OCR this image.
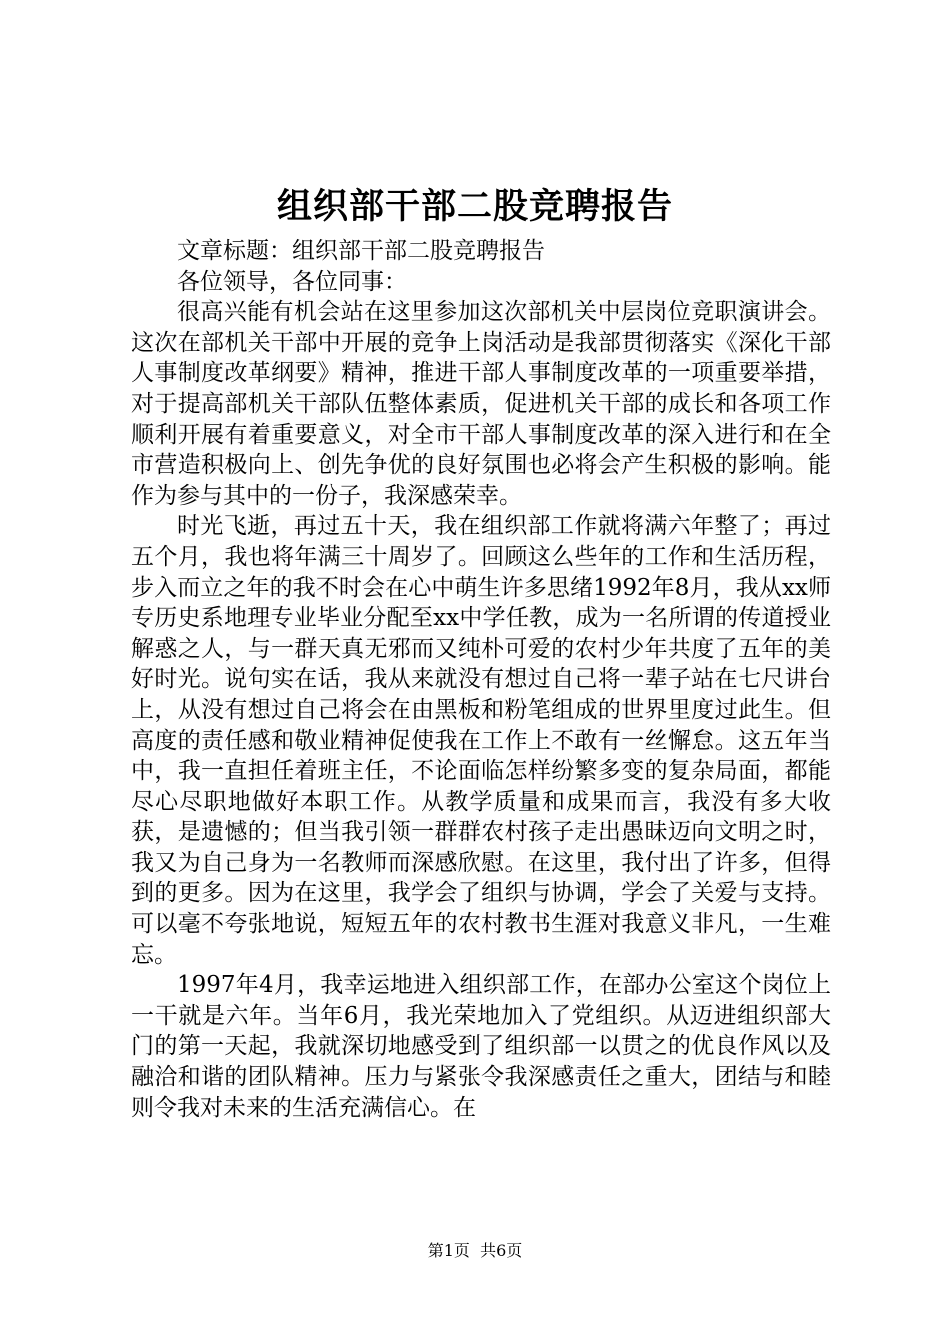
组织部干部二股竞聘报告

文章标题：组织部干部二股竞聘报告

各位领导，各位同事：

很高兴能有机会站在这里参加这次部机关中层岗位竞职演讲会。这次在部机关干部中开展的竞争上岗活动是我部贯彻落实《深化干部人事制度改革纲要》精神，推进干部人事制度改革的一项重要举措，对于提高部机关干部队伍整体素质，促进机关干部的成长和各项工作顺利开展有着重要意义，对全市干部人事制度改革的深入进行和在全市营造积极向上、创先争优的良好氛围也必将会产生积极的影响。能作为参与其中的一份子，我深感荣幸。

时光飞逝，再过五十天，我在组织部工作就将满六年整了；再过五个月，我也将年满三十周岁了。回顾这么些年的工作和生活历程，步入而立之年的我不时会在心中萌生许多思绪1992年8月，我从xx师专历史系地理专业毕业分配至xx中学任教，成为一名所谓的传道授业解惑之人，与一群天真无邪而又纯朴可爱的农村少年共度了五年的美好时光。说句实在话，我从来就没有想过自己将一辈子站在七尺讲台上，从没有想过自己将会在由黑板和粉笔组成的世界里度过此生。但高度的责任感和敬业精神促使我在工作上不敢有一丝懈怠。这五年当中，我一直担任着班主任，不论面临怎样纷繁多变的复杂局面，都能尽心尽职地做好本职工作。从教学质量和成果而言，我没有多大收获，是遗憾的；但当我引领一群群农村孩子走出愚昧迈向文明之时，我又为自己身为一名教师而深感欣慰。在这里，我付出了许多，但得到的更多。因为在这里，我学会了组织与协调，学会了关爱与支持。可以毫不夸张地说，短短五年的农村教书生涯对我意义非凡，一生难忘。

1997年4月，我幸运地进入组织部工作，在部办公室这个岗位上一干就是六年。当年6月，我光荣地加入了党组织。从迈进组织部大门的第一天起，我就深切地感受到了组织部一以贯之的优良作风以及融洽和谐的团队精神。压力与紧张令我深感责任之重大，团结与和睦则令我对未来的生活充满信心。在

第1页 共6页
